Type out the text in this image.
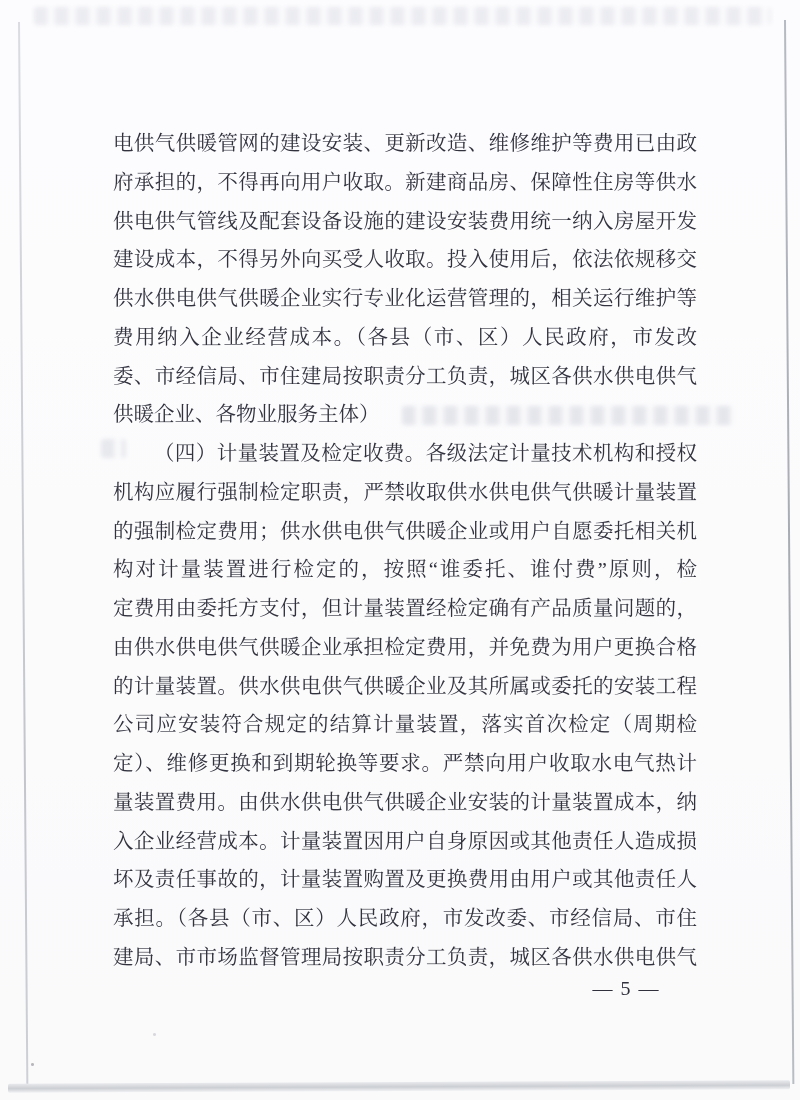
电供气供暖管网的建设安装、更新改造、维修维护等费用已由政
府承担的，不得再向用户收取。新建商品房、保障性住房等供水
供电供气管线及配套设备设施的建设安装费用统一纳入房屋开发
建设成本，不得另外向买受人收取。投入使用后，依法依规移交
供水供电供气供暖企业实行专业化运营管理的，相关运行维护等
费用纳入企业经营成本。（各县（市、区）人民政府，市发改
委、市经信局、市住建局按职责分工负责，城区各供水供电供气
供暖企业、各物业服务主体）
（四）计量装置及检定收费。各级法定计量技术机构和授权
机构应履行强制检定职责，严禁收取供水供电供气供暖计量装置
的强制检定费用；供水供电供气供暖企业或用户自愿委托相关机
构对计量装置进行检定的，按照“谁委托、谁付费”原则，检
定费用由委托方支付，但计量装置经检定确有产品质量问题的，
由供水供电供气供暖企业承担检定费用，并免费为用户更换合格
的计量装置。供水供电供气供暖企业及其所属或委托的安装工程
公司应安装符合规定的结算计量装置，落实首次检定（周期检
定）、维修更换和到期轮换等要求。严禁向用户收取水电气热计
量装置费用。由供水供电供气供暖企业安装的计量装置成本，纳
入企业经营成本。计量装置因用户自身原因或其他责任人造成损
坏及责任事故的，计量装置购置及更换费用由用户或其他责任人
承担。（各县（市、区）人民政府，市发改委、市经信局、市住
建局、市市场监督管理局按职责分工负责，城区各供水供电供气
— 5 —
